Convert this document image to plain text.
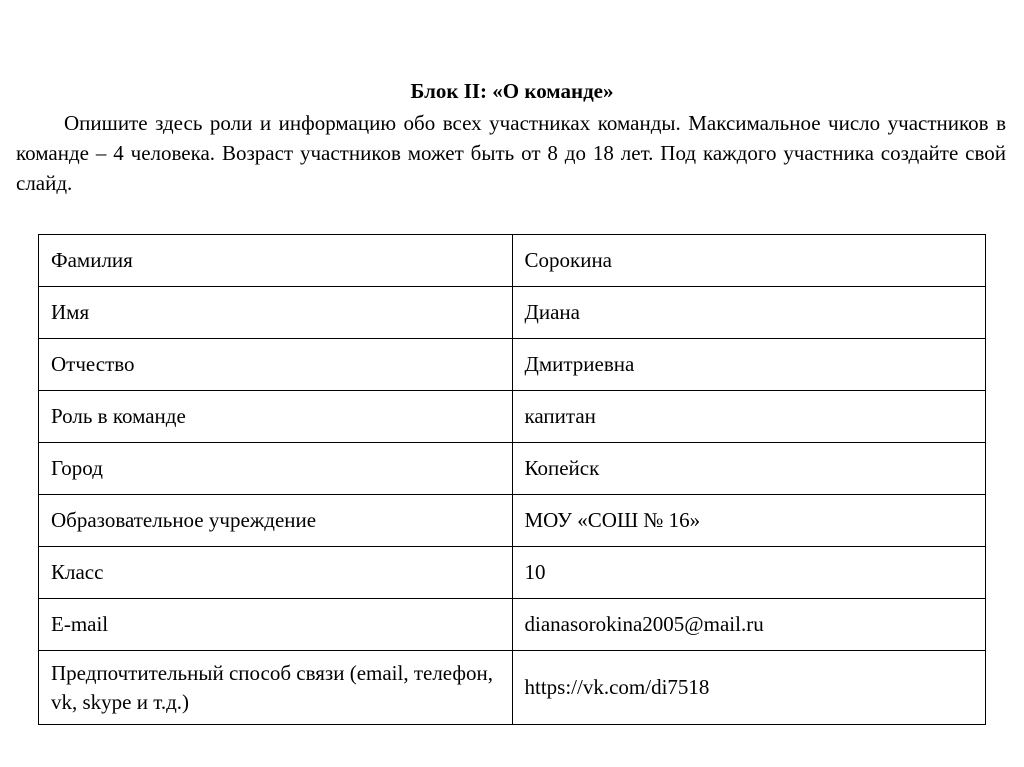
Блок II: «О команде»
Опишите здесь роли и информацию обо всех участниках команды. Максимальное число участников в команде – 4 человека. Возраст участников может быть от 8 до 18 лет. Под каждого участника создайте свой слайд.
Фамилия	Сорокина
Имя	Диана
Отчество	Дмитриевна
Роль в команде	капитан
Город	Копейск
Образовательное учреждение	МОУ «СОШ № 16»
Класс	10
E-mail	dianasorokina2005@mail.ru
Предпочтительный способ связи (email, телефон, vk, skype и т.д.)	https://vk.com/di7518
